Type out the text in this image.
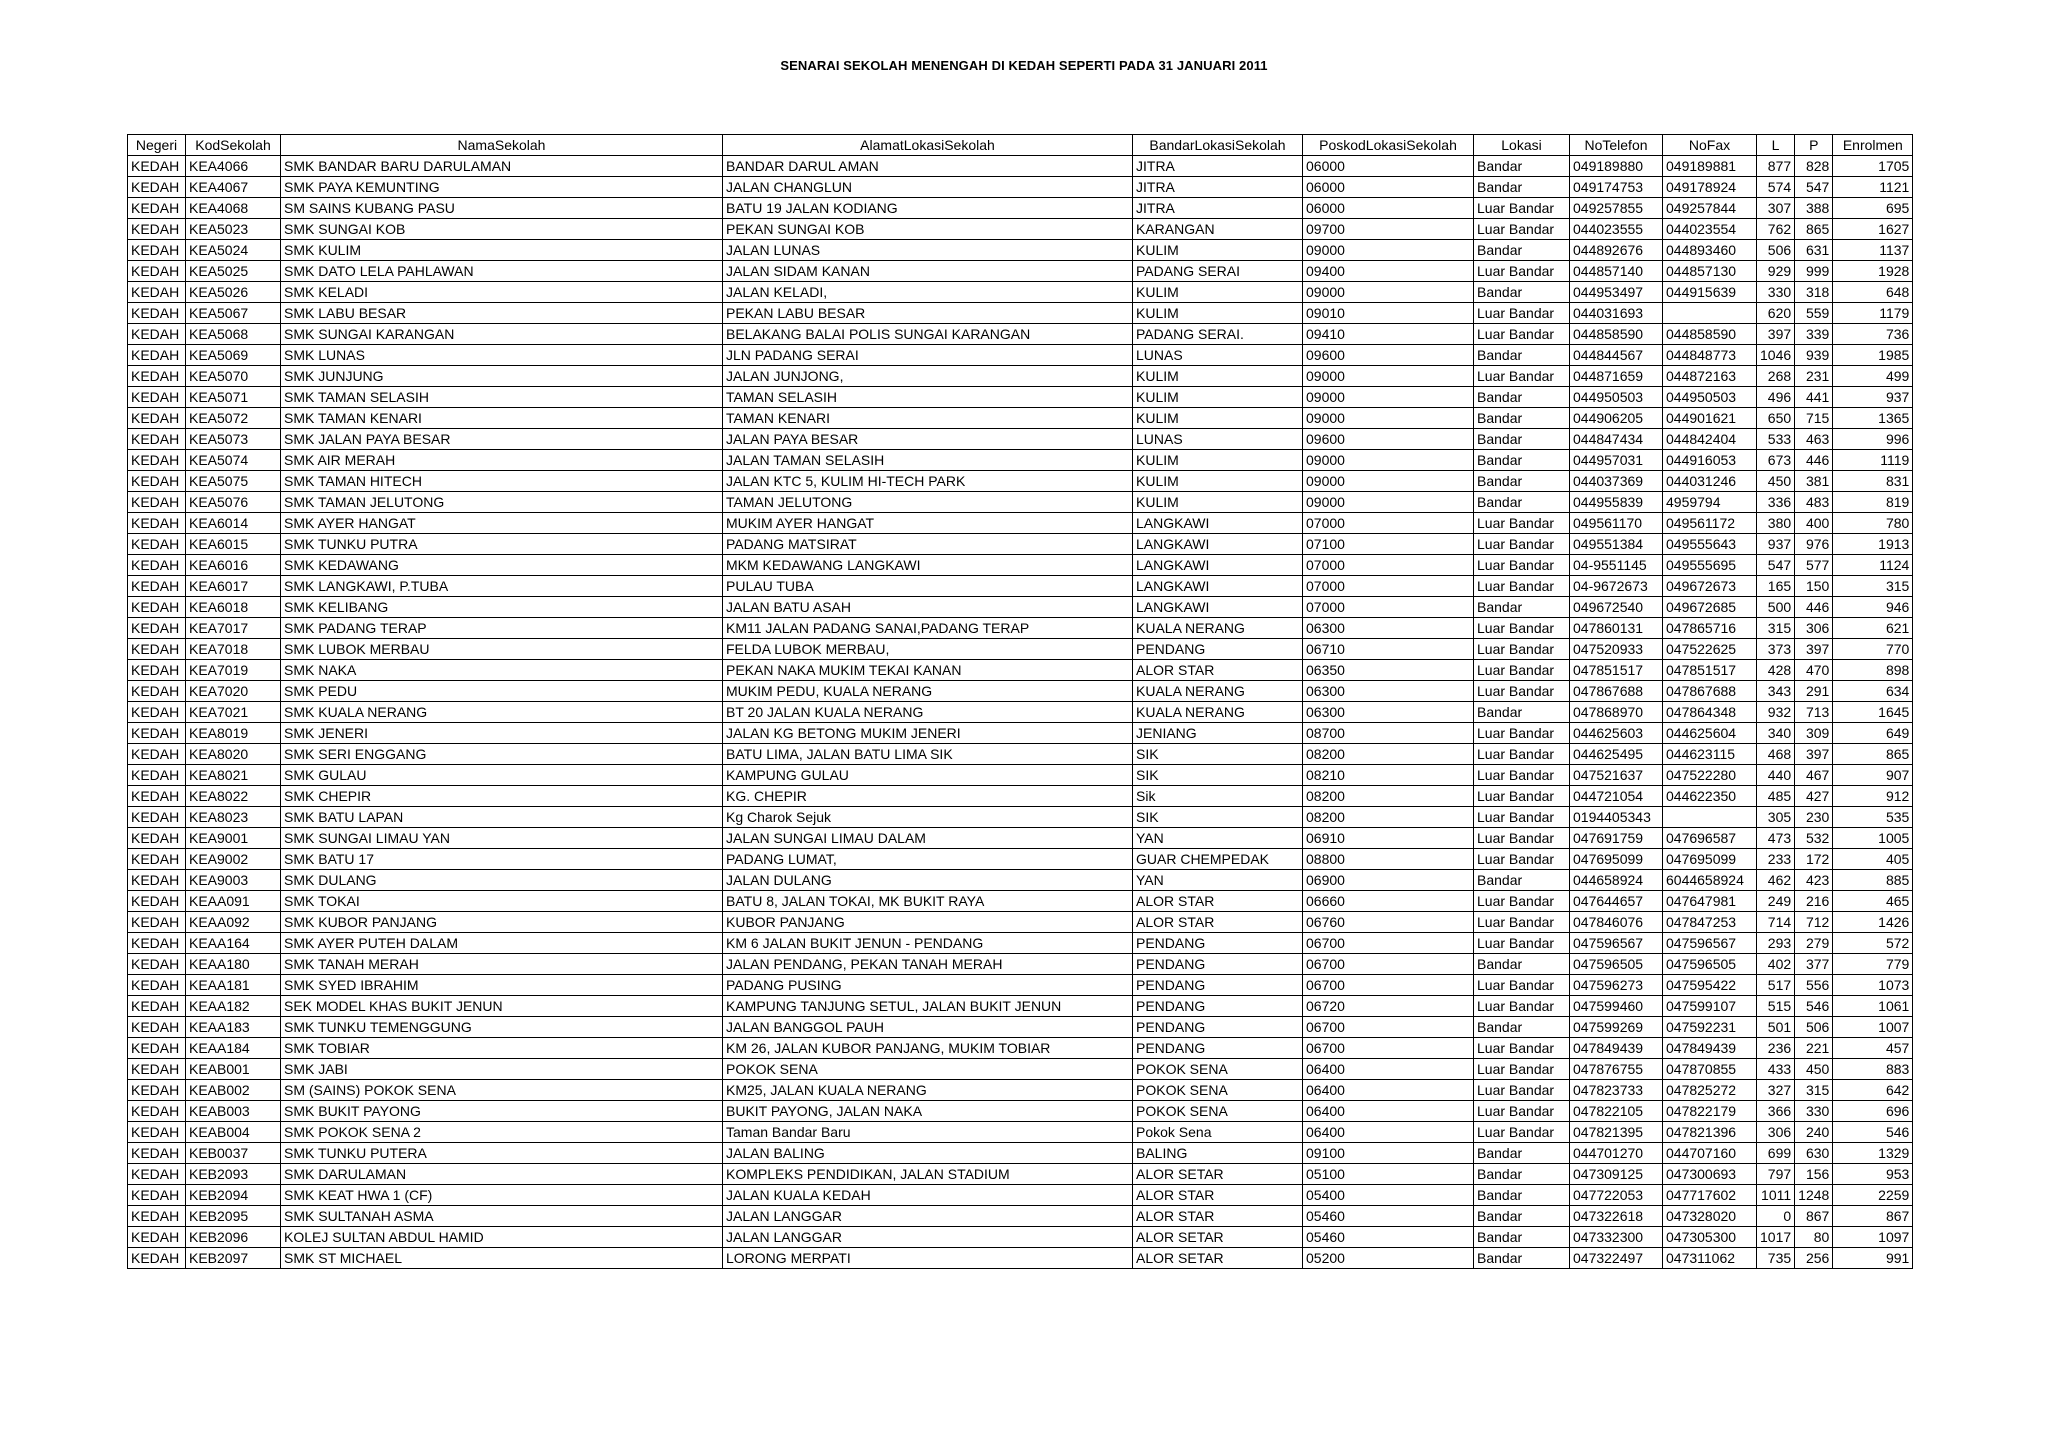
SENARAI SEKOLAH MENENGAH DI KEDAH SEPERTI PADA 31 JANUARI 2011
Negeri	KodSekolah	NamaSekolah	AlamatLokasiSekolah	BandarLokasiSekolah	PoskodLokasiSekolah	Lokasi	NoTelefon	NoFax	L	P	Enrolmen
KEDAH	KEA4066	SMK BANDAR BARU DARULAMAN	BANDAR DARUL AMAN	JITRA	06000	Bandar	049189880	049189881	877	828	1705
KEDAH	KEA4067	SMK PAYA KEMUNTING	JALAN CHANGLUN	JITRA	06000	Bandar	049174753	049178924	574	547	1121
KEDAH	KEA4068	SM SAINS KUBANG PASU	BATU 19 JALAN KODIANG	JITRA	06000	Luar Bandar	049257855	049257844	307	388	695
KEDAH	KEA5023	SMK SUNGAI KOB	PEKAN SUNGAI KOB	KARANGAN	09700	Luar Bandar	044023555	044023554	762	865	1627
KEDAH	KEA5024	SMK KULIM	JALAN LUNAS	KULIM	09000	Bandar	044892676	044893460	506	631	1137
KEDAH	KEA5025	SMK DATO LELA PAHLAWAN	JALAN SIDAM KANAN	PADANG SERAI	09400	Luar Bandar	044857140	044857130	929	999	1928
KEDAH	KEA5026	SMK KELADI	JALAN KELADI,	KULIM	09000	Bandar	044953497	044915639	330	318	648
KEDAH	KEA5067	SMK LABU BESAR	PEKAN LABU BESAR	KULIM	09010	Luar Bandar	044031693		620	559	1179
KEDAH	KEA5068	SMK SUNGAI KARANGAN	BELAKANG BALAI POLIS SUNGAI KARANGAN	PADANG SERAI.	09410	Luar Bandar	044858590	044858590	397	339	736
KEDAH	KEA5069	SMK LUNAS	JLN PADANG SERAI	LUNAS	09600	Bandar	044844567	044848773	1046	939	1985
KEDAH	KEA5070	SMK JUNJUNG	JALAN JUNJONG,	KULIM	09000	Luar Bandar	044871659	044872163	268	231	499
KEDAH	KEA5071	SMK TAMAN SELASIH	TAMAN SELASIH	KULIM	09000	Bandar	044950503	044950503	496	441	937
KEDAH	KEA5072	SMK TAMAN KENARI	TAMAN KENARI	KULIM	09000	Bandar	044906205	044901621	650	715	1365
KEDAH	KEA5073	SMK JALAN PAYA BESAR	JALAN PAYA BESAR	LUNAS	09600	Bandar	044847434	044842404	533	463	996
KEDAH	KEA5074	SMK AIR MERAH	JALAN TAMAN SELASIH	KULIM	09000	Bandar	044957031	044916053	673	446	1119
KEDAH	KEA5075	SMK TAMAN HITECH	JALAN KTC 5, KULIM HI-TECH PARK	KULIM	09000	Bandar	044037369	044031246	450	381	831
KEDAH	KEA5076	SMK TAMAN JELUTONG	TAMAN JELUTONG	KULIM	09000	Bandar	044955839	4959794	336	483	819
KEDAH	KEA6014	SMK AYER HANGAT	MUKIM AYER HANGAT	LANGKAWI	07000	Luar Bandar	049561170	049561172	380	400	780
KEDAH	KEA6015	SMK TUNKU PUTRA	PADANG MATSIRAT	LANGKAWI	07100	Luar Bandar	049551384	049555643	937	976	1913
KEDAH	KEA6016	SMK KEDAWANG	MKM KEDAWANG LANGKAWI	LANGKAWI	07000	Luar Bandar	04-9551145	049555695	547	577	1124
KEDAH	KEA6017	SMK LANGKAWI, P.TUBA	PULAU TUBA	LANGKAWI	07000	Luar Bandar	04-9672673	049672673	165	150	315
KEDAH	KEA6018	SMK KELIBANG	JALAN BATU ASAH	LANGKAWI	07000	Bandar	049672540	049672685	500	446	946
KEDAH	KEA7017	SMK PADANG TERAP	KM11 JALAN PADANG SANAI,PADANG TERAP	KUALA NERANG	06300	Luar Bandar	047860131	047865716	315	306	621
KEDAH	KEA7018	SMK LUBOK MERBAU	FELDA LUBOK MERBAU,	PENDANG	06710	Luar Bandar	047520933	047522625	373	397	770
KEDAH	KEA7019	SMK NAKA	PEKAN NAKA MUKIM TEKAI KANAN	ALOR STAR	06350	Luar Bandar	047851517	047851517	428	470	898
KEDAH	KEA7020	SMK PEDU	MUKIM PEDU, KUALA NERANG	KUALA NERANG	06300	Luar Bandar	047867688	047867688	343	291	634
KEDAH	KEA7021	SMK KUALA NERANG	BT 20 JALAN KUALA NERANG	KUALA NERANG	06300	Bandar	047868970	047864348	932	713	1645
KEDAH	KEA8019	SMK JENERI	JALAN KG BETONG MUKIM JENERI	JENIANG	08700	Luar Bandar	044625603	044625604	340	309	649
KEDAH	KEA8020	SMK SERI ENGGANG	BATU LIMA, JALAN BATU LIMA SIK	SIK	08200	Luar Bandar	044625495	044623115	468	397	865
KEDAH	KEA8021	SMK GULAU	KAMPUNG GULAU	SIK	08210	Luar Bandar	047521637	047522280	440	467	907
KEDAH	KEA8022	SMK CHEPIR	KG. CHEPIR	Sik	08200	Luar Bandar	044721054	044622350	485	427	912
KEDAH	KEA8023	SMK BATU LAPAN	Kg Charok Sejuk	SIK	08200	Luar Bandar	0194405343		305	230	535
KEDAH	KEA9001	SMK SUNGAI LIMAU YAN	JALAN SUNGAI LIMAU DALAM	YAN	06910	Luar Bandar	047691759	047696587	473	532	1005
KEDAH	KEA9002	SMK BATU 17	PADANG LUMAT,	GUAR CHEMPEDAK	08800	Luar Bandar	047695099	047695099	233	172	405
KEDAH	KEA9003	SMK DULANG	JALAN DULANG	YAN	06900	Bandar	044658924	6044658924	462	423	885
KEDAH	KEAA091	SMK TOKAI	BATU 8, JALAN TOKAI, MK BUKIT RAYA	ALOR STAR	06660	Luar Bandar	047644657	047647981	249	216	465
KEDAH	KEAA092	SMK KUBOR PANJANG	KUBOR PANJANG	ALOR STAR	06760	Luar Bandar	047846076	047847253	714	712	1426
KEDAH	KEAA164	SMK AYER PUTEH DALAM	KM 6 JALAN BUKIT JENUN - PENDANG	PENDANG	06700	Luar Bandar	047596567	047596567	293	279	572
KEDAH	KEAA180	SMK TANAH MERAH	JALAN PENDANG, PEKAN TANAH MERAH	PENDANG	06700	Bandar	047596505	047596505	402	377	779
KEDAH	KEAA181	SMK SYED IBRAHIM	PADANG PUSING	PENDANG	06700	Luar Bandar	047596273	047595422	517	556	1073
KEDAH	KEAA182	SEK MODEL KHAS BUKIT JENUN	KAMPUNG TANJUNG SETUL, JALAN BUKIT JENUN	PENDANG	06720	Luar Bandar	047599460	047599107	515	546	1061
KEDAH	KEAA183	SMK TUNKU TEMENGGUNG	JALAN BANGGOL PAUH	PENDANG	06700	Bandar	047599269	047592231	501	506	1007
KEDAH	KEAA184	SMK TOBIAR	KM 26, JALAN KUBOR PANJANG, MUKIM TOBIAR	PENDANG	06700	Luar Bandar	047849439	047849439	236	221	457
KEDAH	KEAB001	SMK JABI	POKOK SENA	POKOK SENA	06400	Luar Bandar	047876755	047870855	433	450	883
KEDAH	KEAB002	SM (SAINS) POKOK SENA	KM25, JALAN KUALA NERANG	POKOK SENA	06400	Luar Bandar	047823733	047825272	327	315	642
KEDAH	KEAB003	SMK BUKIT PAYONG	BUKIT PAYONG, JALAN NAKA	POKOK SENA	06400	Luar Bandar	047822105	047822179	366	330	696
KEDAH	KEAB004	SMK POKOK SENA 2	Taman Bandar Baru	Pokok Sena	06400	Luar Bandar	047821395	047821396	306	240	546
KEDAH	KEB0037	SMK TUNKU PUTERA	JALAN BALING	BALING	09100	Bandar	044701270	044707160	699	630	1329
KEDAH	KEB2093	SMK DARULAMAN	KOMPLEKS PENDIDIKAN, JALAN STADIUM	ALOR SETAR	05100	Bandar	047309125	047300693	797	156	953
KEDAH	KEB2094	SMK KEAT HWA 1 (CF)	JALAN KUALA KEDAH	ALOR STAR	05400	Bandar	047722053	047717602	1011	1248	2259
KEDAH	KEB2095	SMK SULTANAH ASMA	JALAN LANGGAR	ALOR STAR	05460	Bandar	047322618	047328020	0	867	867
KEDAH	KEB2096	KOLEJ SULTAN ABDUL HAMID	JALAN LANGGAR	ALOR SETAR	05460	Bandar	047332300	047305300	1017	80	1097
KEDAH	KEB2097	SMK ST MICHAEL	LORONG MERPATI	ALOR SETAR	05200	Bandar	047322497	047311062	735	256	991
